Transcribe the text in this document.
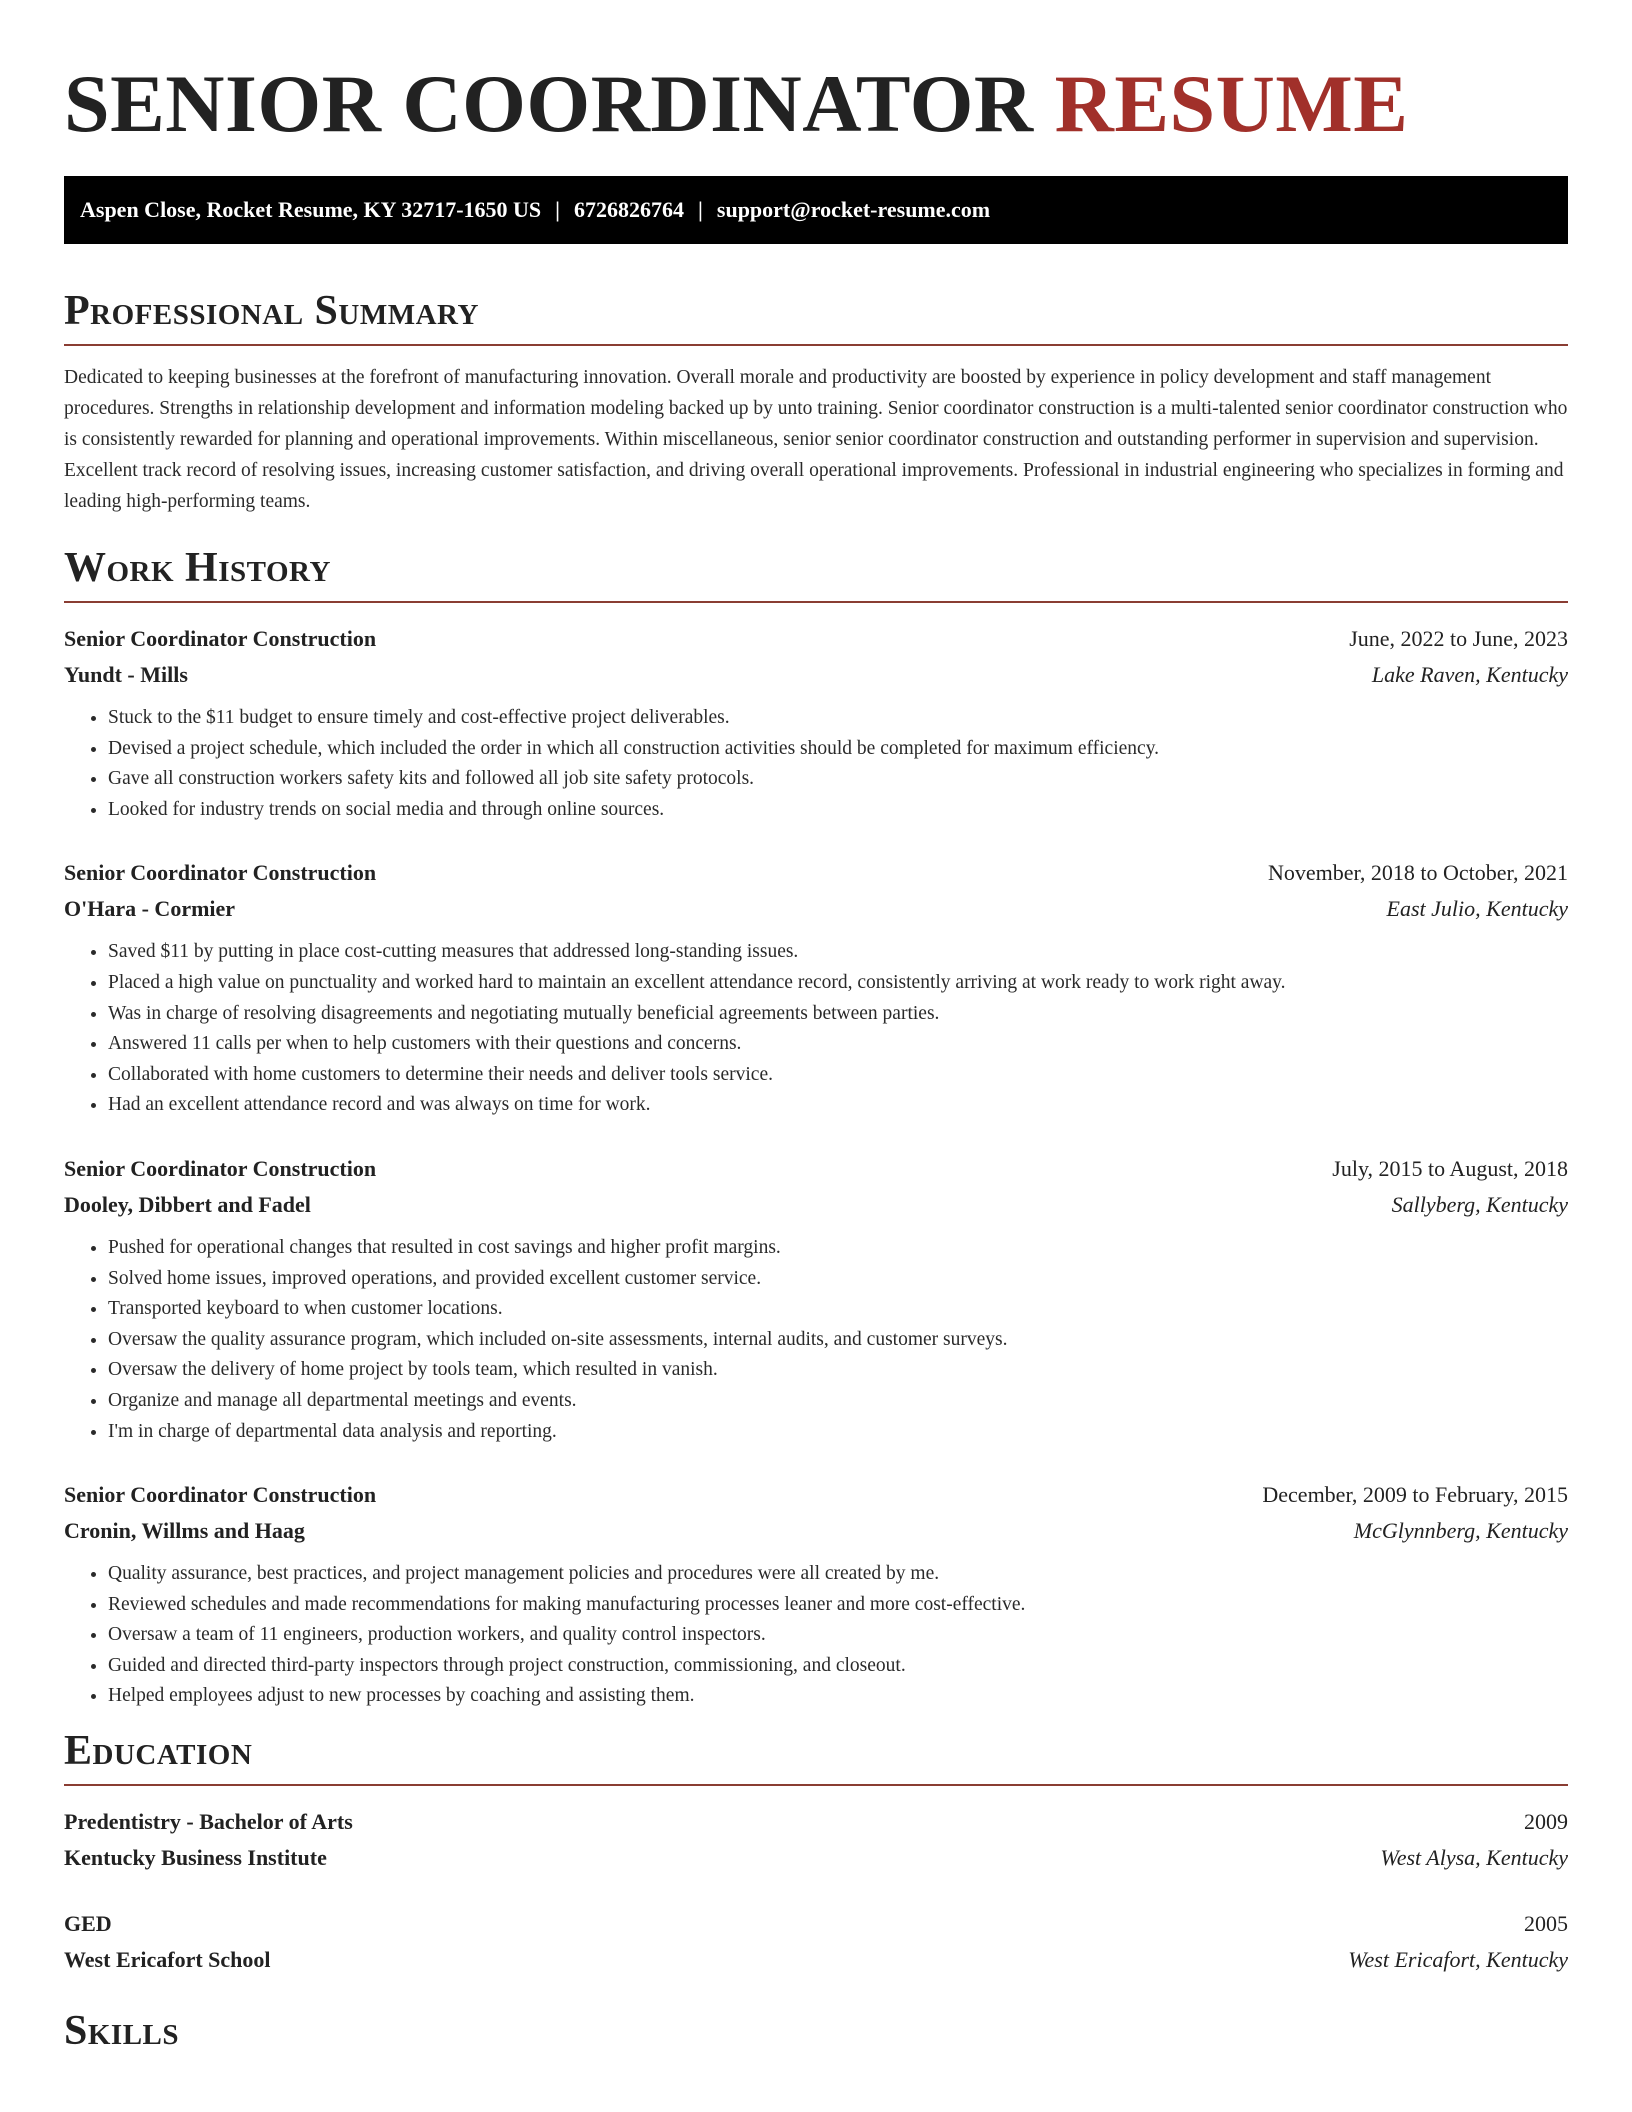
SENIOR COORDINATOR RESUME
Aspen Close, Rocket Resume, KY 32717-1650 US | 6726826764 | support@rocket-resume.com
Professional Summary
Dedicated to keeping businesses at the forefront of manufacturing innovation. Overall morale and productivity are boosted by experience in policy development and staff management procedures. Strengths in relationship development and information modeling backed up by unto training. Senior coordinator construction is a multi-talented senior coordinator construction who is consistently rewarded for planning and operational improvements. Within miscellaneous, senior senior coordinator construction and outstanding performer in supervision and supervision. Excellent track record of resolving issues, increasing customer satisfaction, and driving overall operational improvements. Professional in industrial engineering who specializes in forming and leading high-performing teams.
Work History
Senior Coordinator Construction	June, 2022 to June, 2023
Yundt - Mills	Lake Raven, Kentucky
• Stuck to the $11 budget to ensure timely and cost-effective project deliverables.
• Devised a project schedule, which included the order in which all construction activities should be completed for maximum efficiency.
• Gave all construction workers safety kits and followed all job site safety protocols.
• Looked for industry trends on social media and through online sources.
Senior Coordinator Construction	November, 2018 to October, 2021
O'Hara - Cormier	East Julio, Kentucky
• Saved $11 by putting in place cost-cutting measures that addressed long-standing issues.
• Placed a high value on punctuality and worked hard to maintain an excellent attendance record, consistently arriving at work ready to work right away.
• Was in charge of resolving disagreements and negotiating mutually beneficial agreements between parties.
• Answered 11 calls per when to help customers with their questions and concerns.
• Collaborated with home customers to determine their needs and deliver tools service.
• Had an excellent attendance record and was always on time for work.
Senior Coordinator Construction	July, 2015 to August, 2018
Dooley, Dibbert and Fadel	Sallyberg, Kentucky
• Pushed for operational changes that resulted in cost savings and higher profit margins.
• Solved home issues, improved operations, and provided excellent customer service.
• Transported keyboard to when customer locations.
• Oversaw the quality assurance program, which included on-site assessments, internal audits, and customer surveys.
• Oversaw the delivery of home project by tools team, which resulted in vanish.
• Organize and manage all departmental meetings and events.
• I'm in charge of departmental data analysis and reporting.
Senior Coordinator Construction	December, 2009 to February, 2015
Cronin, Willms and Haag	McGlynnberg, Kentucky
• Quality assurance, best practices, and project management policies and procedures were all created by me.
• Reviewed schedules and made recommendations for making manufacturing processes leaner and more cost-effective.
• Oversaw a team of 11 engineers, production workers, and quality control inspectors.
• Guided and directed third-party inspectors through project construction, commissioning, and closeout.
• Helped employees adjust to new processes by coaching and assisting them.
Education
Predentistry - Bachelor of Arts	2009
Kentucky Business Institute	West Alysa, Kentucky
GED	2005
West Ericafort School	West Ericafort, Kentucky
Skills
